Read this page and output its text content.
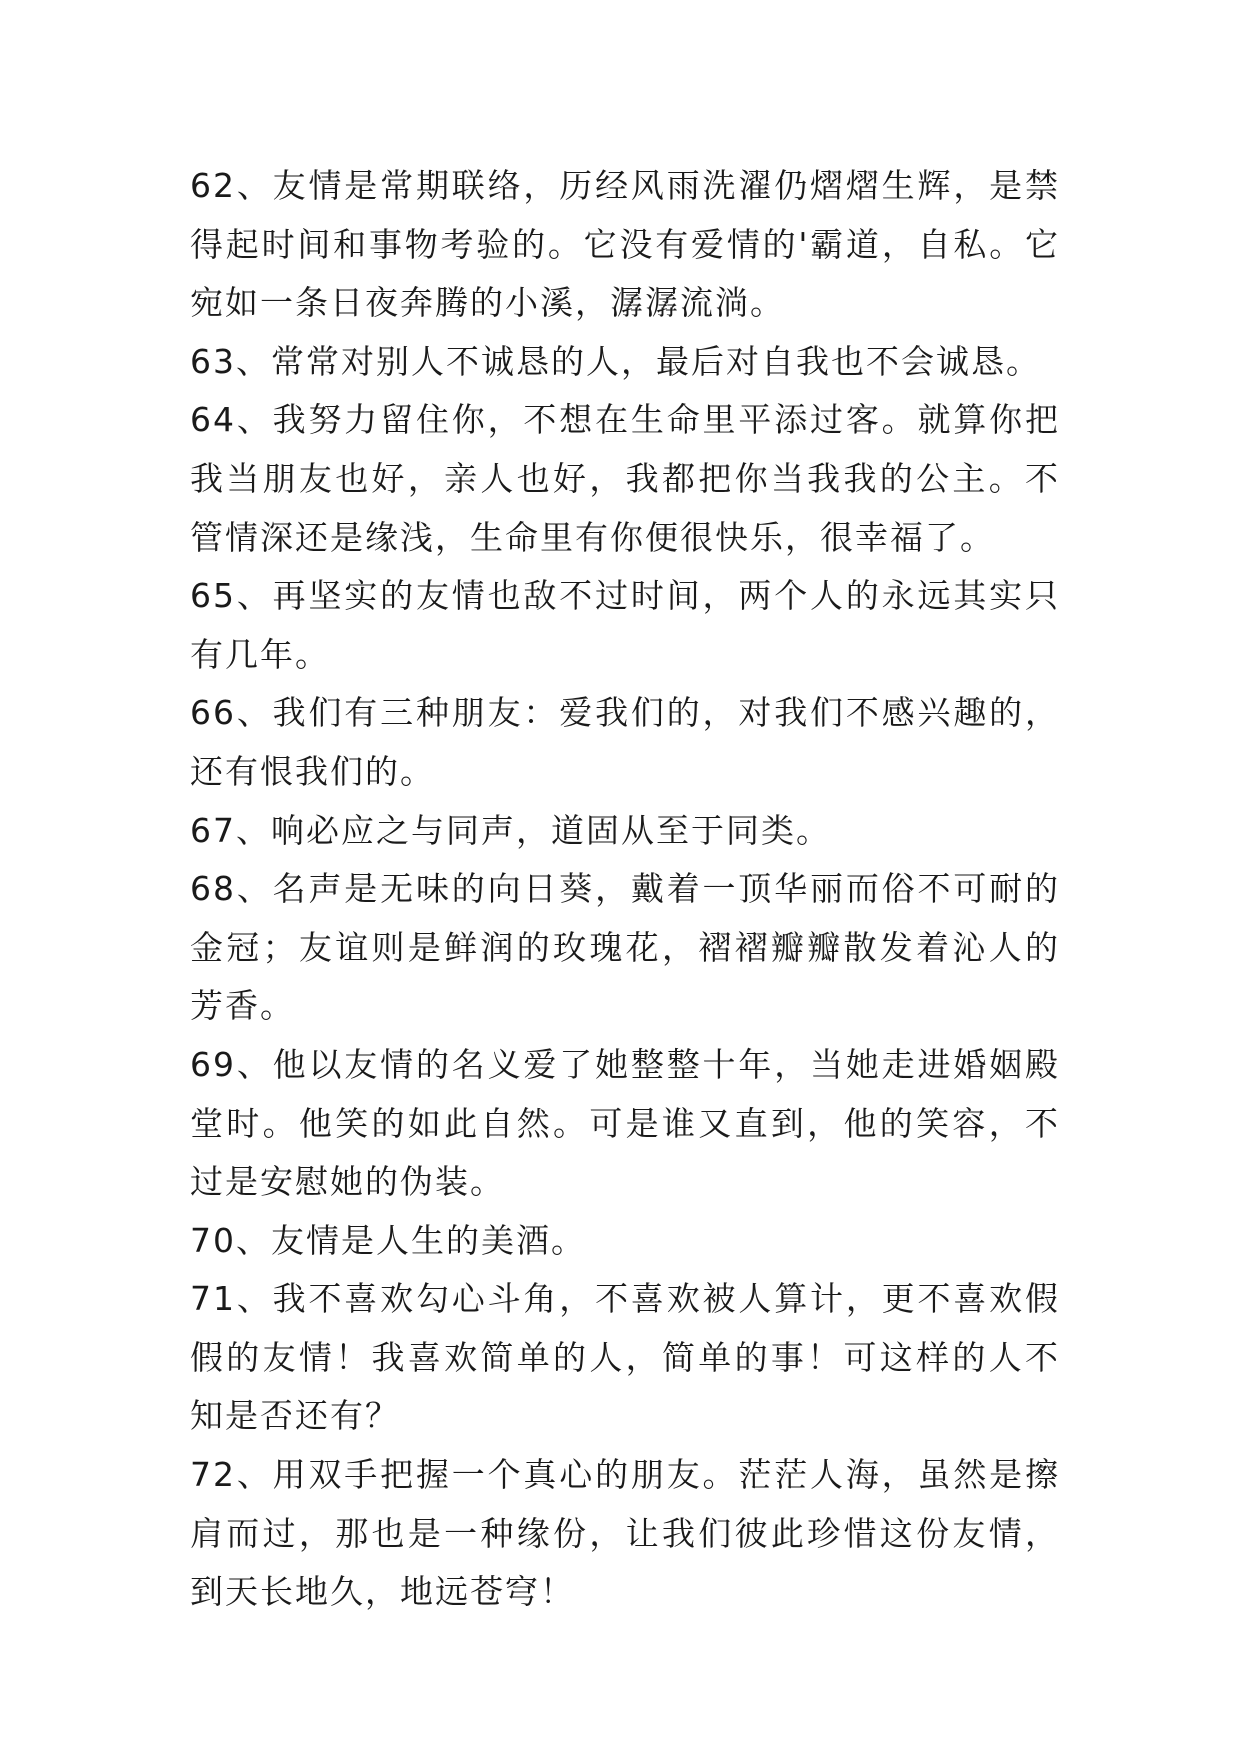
62、友情是常期联络，历经风雨洗濯仍熠熠生辉，是禁得起时间和事物考验的。它没有爱情的'霸道，自私。它宛如一条日夜奔腾的小溪，潺潺流淌。

63、常常对别人不诚恳的人，最后对自我也不会诚恳。

64、我努力留住你，不想在生命里平添过客。就算你把我当朋友也好，亲人也好，我都把你当我我的公主。不管情深还是缘浅，生命里有你便很快乐，很幸福了。

65、再坚实的友情也敌不过时间，两个人的永远其实只有几年。

66、我们有三种朋友：爱我们的，对我们不感兴趣的，还有恨我们的。

67、响必应之与同声，道固从至于同类。

68、名声是无味的向日葵，戴着一顶华丽而俗不可耐的金冠；友谊则是鲜润的玫瑰花，褶褶瓣瓣散发着沁人的芳香。

69、他以友情的名义爱了她整整十年，当她走进婚姻殿堂时。他笑的如此自然。可是谁又直到，他的笑容，不过是安慰她的伪装。

70、友情是人生的美酒。

71、我不喜欢勾心斗角，不喜欢被人算计，更不喜欢假假的友情！我喜欢简单的人，简单的事！可这样的人不知是否还有？

72、用双手把握一个真心的朋友。茫茫人海，虽然是擦肩而过，那也是一种缘份，让我们彼此珍惜这份友情，到天长地久，地远苍穹！
